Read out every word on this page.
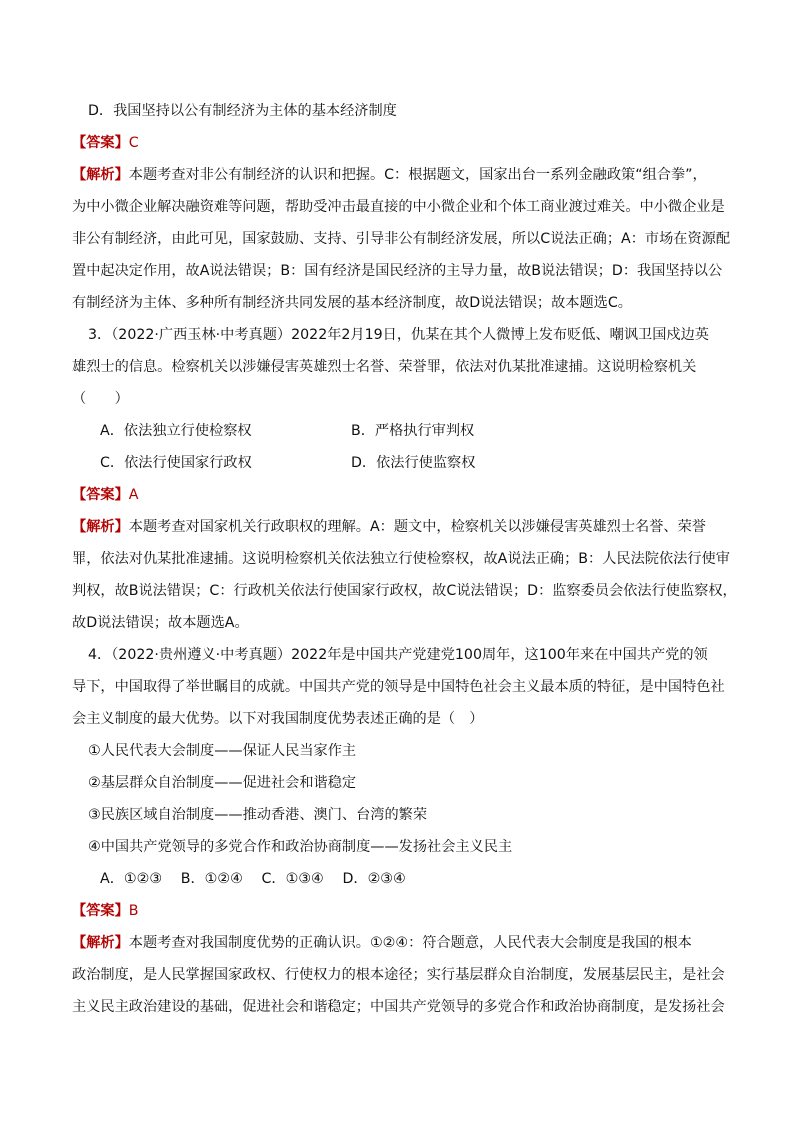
D．我国坚持以公有制经济为主体的基本经济制度
【答案】C
【解析】本题考查对非公有制经济的认识和把握。C：根据题文，国家出台一系列金融政策“组合拳”，
为中小微企业解决融资难等问题，帮助受冲击最直接的中小微企业和个体工商业渡过难关。中小微企业是
非公有制经济，由此可见，国家鼓励、支持、引导非公有制经济发展，所以C说法正确；A：市场在资源配
置中起决定作用，故A说法错误；B：国有经济是国民经济的主导力量，故B说法错误；D：我国坚持以公
有制经济为主体、多种所有制经济共同发展的基本经济制度，故D说法错误；故本题选C。
3．（2022·广西玉林·中考真题）2022年2月19日，仇某在其个人微博上发布贬低、嘲讽卫国戍边英
雄烈士的信息。检察机关以涉嫌侵害英雄烈士名誉、荣誉罪，依法对仇某批准逮捕。这说明检察机关
（　　）
A．依法独立行使检察权	B．严格执行审判权
C．依法行使国家行政权	D．依法行使监察权
【答案】A
【解析】本题考查对国家机关行政职权的理解。A：题文中，检察机关以涉嫌侵害英雄烈士名誉、荣誉
罪，依法对仇某批准逮捕。这说明检察机关依法独立行使检察权，故A说法正确；B：人民法院依法行使审
判权，故B说法错误；C：行政机关依法行使国家行政权，故C说法错误；D：监察委员会依法行使监察权，
故D说法错误；故本题选A。
4．（2022·贵州遵义·中考真题）2022年是中国共产党建党100周年，这100年来在中国共产党的领
导下，中国取得了举世瞩目的成就。中国共产党的领导是中国特色社会主义最本质的特征，是中国特色社
会主义制度的最大优势。以下对我国制度优势表述正确的是（　）
①人民代表大会制度——保证人民当家作主
②基层群众自治制度——促进社会和谐稳定
③民族区域自治制度——推动香港、澳门、台湾的繁荣
④中国共产党领导的多党合作和政治协商制度——发扬社会主义民主
A．①②③　 B．①②④　 C．①③④　 D．②③④
【答案】B
【解析】本题考查对我国制度优势的正确认识。①②④：符合题意，人民代表大会制度是我国的根本
政治制度，是人民掌握国家政权、行使权力的根本途径；实行基层群众自治制度，发展基层民主，是社会
主义民主政治建设的基础，促进社会和谐稳定；中国共产党领导的多党合作和政治协商制度，是发扬社会
